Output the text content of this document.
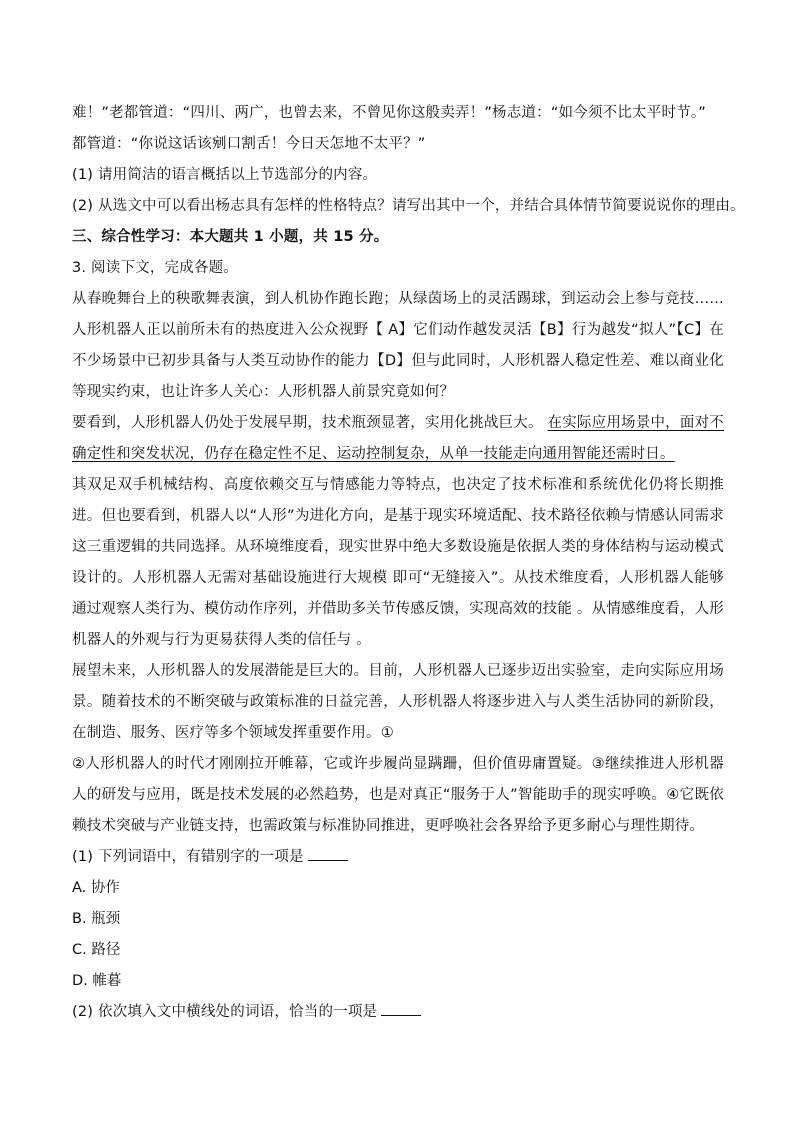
难！”老都管道：“四川、两广，也曾去来，不曾见你这般卖弄！”杨志道：“如今须不比太平时节。”
都管道：“你说这话该剜口割舌！今日天怎地不太平？”
(1) 请用简洁的语言概括以上节选部分的内容。
(2) 从选文中可以看出杨志具有怎样的性格特点？请写出其中一个，并结合具体情节简要说说你的理由。
三、综合性学习：本大题共 1 小题，共 15 分。
3. 阅读下文，完成各题。

从春晚舞台上的秧歌舞表演，到人机协作跑长跑；从绿茵场上的灵活踢球，到运动会上参与竞技……人形机器人正以前所未有的热度进入公众视野【 A】它们动作越发灵活【B】行为越发“拟人”【C】在不少场景中已初步具备与人类互动协作的能力【D】但与此同时，人形机器人稳定性差、难以商业化等现实约束，也让许多人关心：人形机器人前景究竟如何？

要看到，人形机器人仍处于发展早期，技术瓶颈显著，实用化挑战巨大。 在实际应用场景中，面对不确定性和突发状况，仍存在稳定性不足、运动控制复杂，从单一技能走向通用智能还需时日。

其双足双手机械结构、高度依赖交互与情感能力等特点，也决定了技术标准和系统优化仍将长期推进。但也要看到，机器人以“人形”为进化方向，是基于现实环境适配、技术路径依赖与情感认同需求这三重逻辑的共同选择。从环境维度看，现实世界中绝大多数设施是依据人类的身体结构与运动模式设计的。人形机器人无需对基础设施进行大规模 即可“无缝接入”。从技术维度看，人形机器人能够通过观察人类行为、模仿动作序列，并借助多关节传感反馈，实现高效的技能 。从情感维度看，人形机器人的外观与行为更易获得人类的信任与 。

展望未来，人形机器人的发展潜能是巨大的。目前，人形机器人已逐步迈出实验室，走向实际应用场景。随着技术的不断突破与政策标准的日益完善，人形机器人将逐步进入与人类生活协同的新阶段，在制造、服务、医疗等多个领域发挥重要作用。①

②人形机器人的时代才刚刚拉开帷幕，它或许步履尚显蹒跚，但价值毋庸置疑。③继续推进人形机器人的研发与应用，既是技术发展的必然趋势，也是对真正“服务于人”智能助手的现实呼唤。④它既依赖技术突破与产业链支持，也需政策与标准协同推进，更呼唤社会各界给予更多耐心与理性期待。

(1) 下列词语中，有错别字的一项是
A. 协作
B. 瓶颈
C. 路径
D. 帷暮
(2) 依次填入文中横线处的词语，恰当的一项是
